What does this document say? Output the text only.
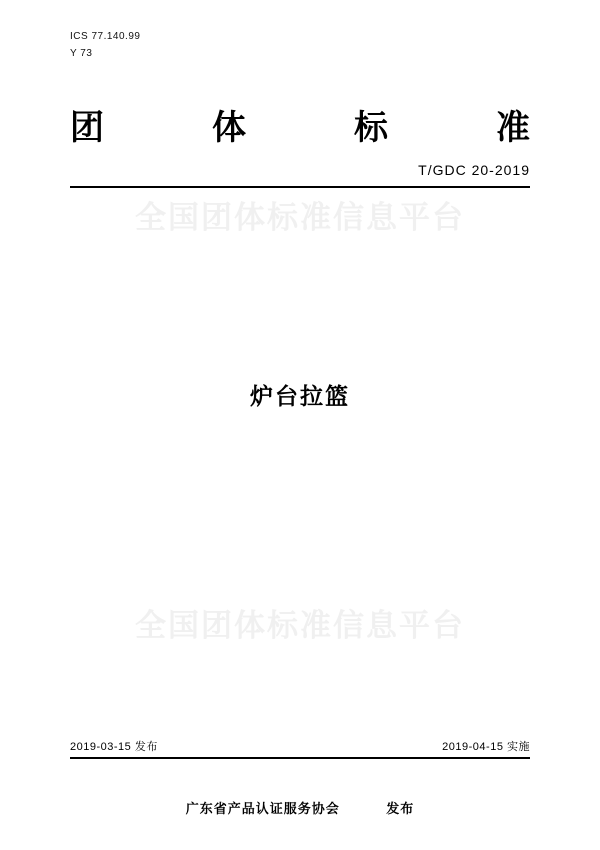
ICS 77.140.99
Y 73
团	体	标	准
T/GDC 20-2019
全国团体标准信息平台
炉台拉篮
全国团体标准信息平台
2019-03-15 发布	2019-04-15 实施
广东省产品认证服务协会	发布
